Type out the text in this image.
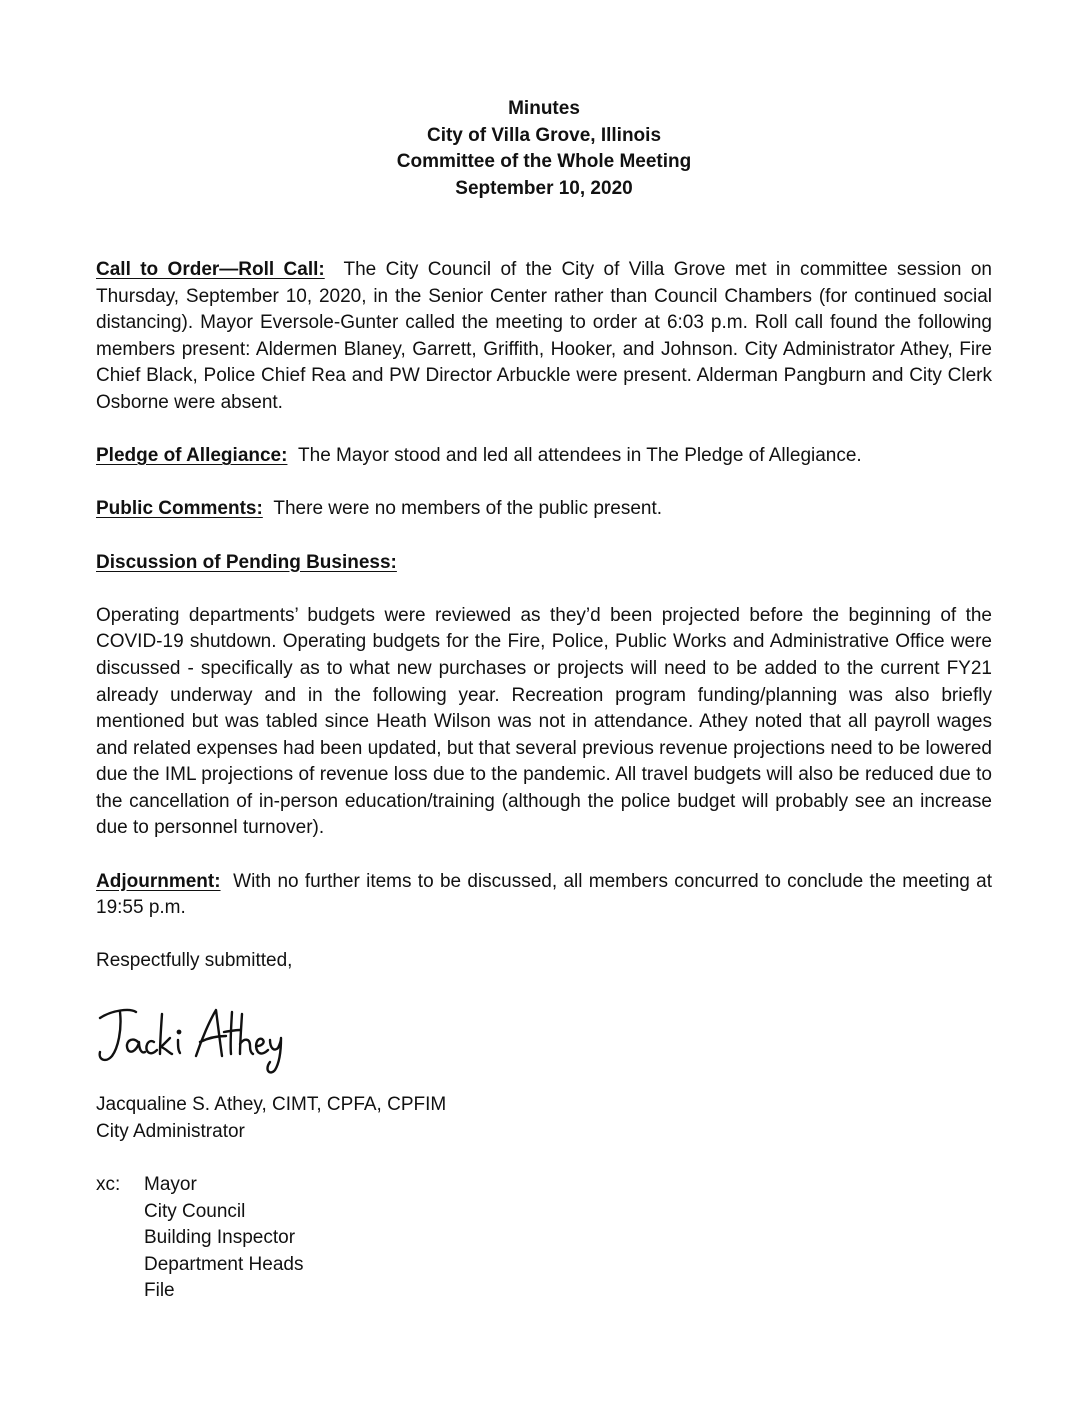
Minutes
City of Villa Grove, Illinois
Committee of the Whole Meeting
September 10, 2020

Call to Order—Roll Call: The City Council of the City of Villa Grove met in committee session on Thursday, September 10, 2020, in the Senior Center rather than Council Chambers (for continued social distancing). Mayor Eversole-Gunter called the meeting to order at 6:03 p.m. Roll call found the following members present: Aldermen Blaney, Garrett, Griffith, Hooker, and Johnson. City Administrator Athey, Fire Chief Black, Police Chief Rea and PW Director Arbuckle were present. Alderman Pangburn and City Clerk Osborne were absent.

Pledge of Allegiance: The Mayor stood and led all attendees in The Pledge of Allegiance.

Public Comments: There were no members of the public present.

Discussion of Pending Business:

Operating departments’ budgets were reviewed as they’d been projected before the beginning of the COVID-19 shutdown. Operating budgets for the Fire, Police, Public Works and Administrative Office were discussed - specifically as to what new purchases or projects will need to be added to the current FY21 already underway and in the following year. Recreation program funding/planning was also briefly mentioned but was tabled since Heath Wilson was not in attendance. Athey noted that all payroll wages and related expenses had been updated, but that several previous revenue projections need to be lowered due the IML projections of revenue loss due to the pandemic. All travel budgets will also be reduced due to the cancellation of in-person education/training (although the police budget will probably see an increase due to personnel turnover).

Adjournment: With no further items to be discussed, all members concurred to conclude the meeting at 19:55 p.m.

Respectfully submitted,

Jacqualine S. Athey, CIMT, CPFA, CPFIM
City Administrator
xc:	Mayor
City Council
Building Inspector
Department Heads
File
